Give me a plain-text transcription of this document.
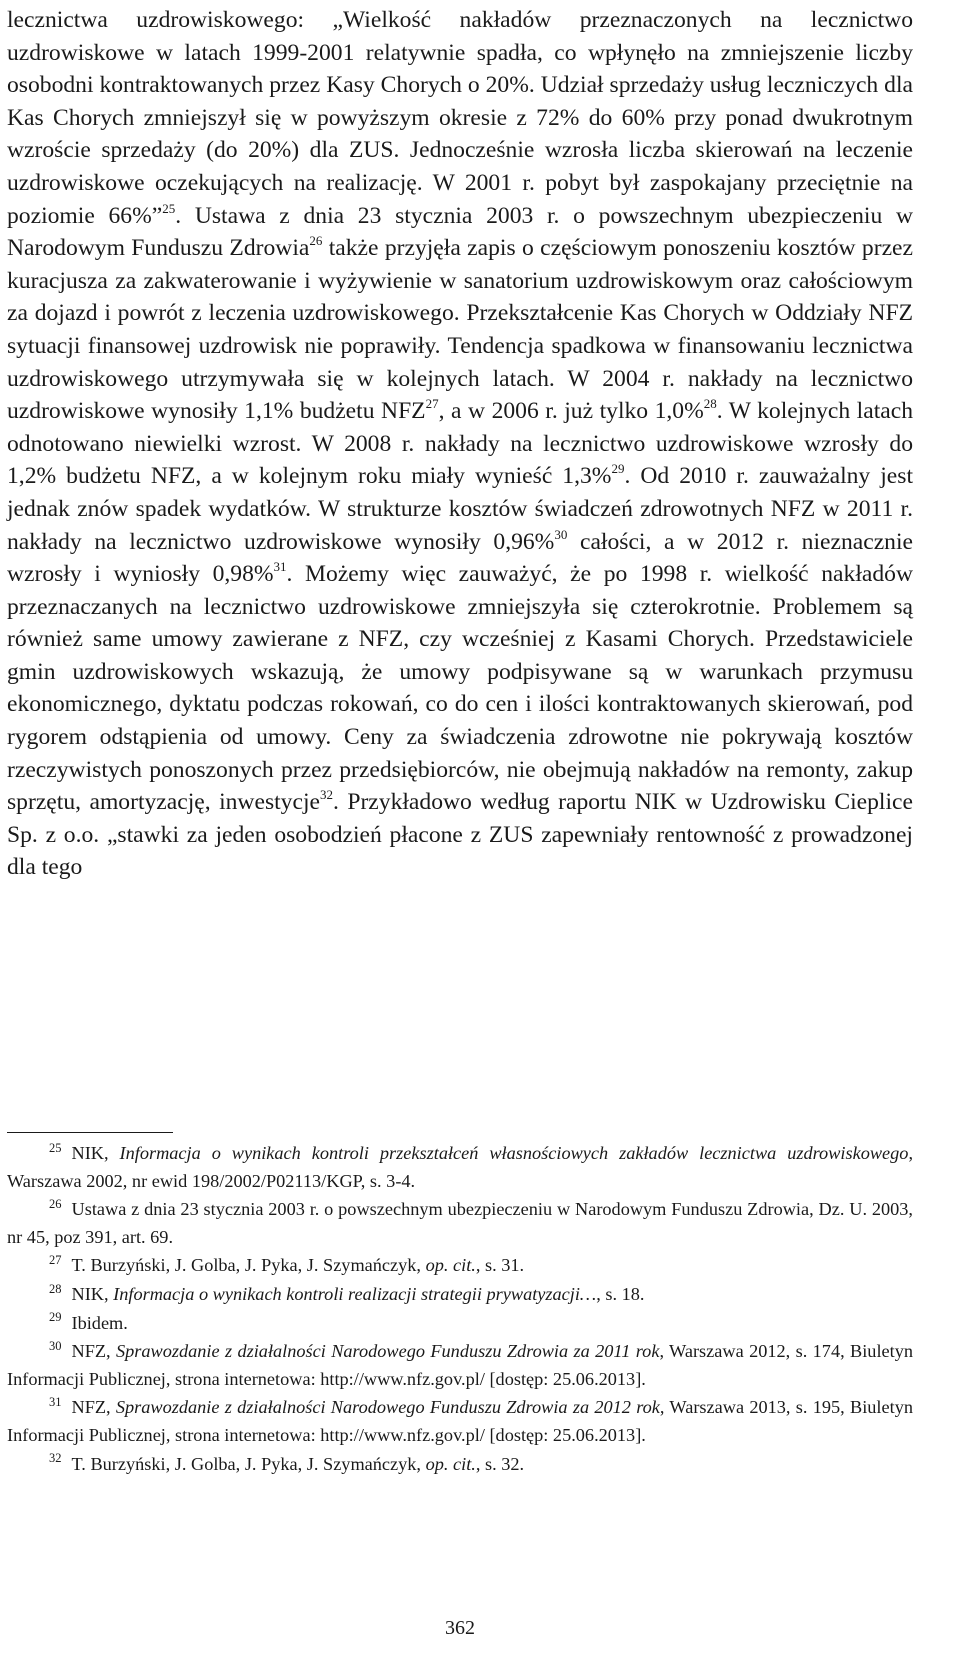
lecznictwa uzdrowiskowego: „Wielkość nakładów przeznaczonych na lecznictwo uzdrowiskowe w latach 1999-2001 relatywnie spadła, co wpłynęło na zmniejszenie liczby osobodni kontraktowanych przez Kasy Chorych o 20%. Udział sprzedaży usług leczniczych dla Kas Chorych zmniejszył się w powyższym okresie z 72% do 60% przy ponad dwukrotnym wzroście sprzedaży (do 20%) dla ZUS. Jednocześnie wzrosła liczba skierowań na leczenie uzdrowiskowe oczekujących na realizację. W 2001 r. pobyt był zaspokajany przeciętnie na poziomie 66%”$^{25}$. Ustawa z dnia 23 stycznia 2003 r. o powszechnym ubezpieczeniu w Narodowym Funduszu Zdrowia$^{26}$ także przyjęła zapis o częściowym ponoszeniu kosztów przez kuracjusza za zakwaterowanie i wyżywienie w sanatorium uzdrowiskowym oraz całościowym za dojazd i powrót z leczenia uzdrowiskowego. Przekształcenie Kas Chorych w Oddziały NFZ sytuacji finansowej uzdrowisk nie poprawiły. Tendencja spadkowa w finansowaniu lecznictwa uzdrowiskowego utrzymywała się w kolejnych latach. W 2004 r. nakłady na lecznictwo uzdrowiskowe wynosiły 1,1% budżetu NFZ$^{27}$, a w 2006 r. już tylko 1,0%$^{28}$. W kolejnych latach odnotowano niewielki wzrost. W 2008 r. nakłady na lecznictwo uzdrowiskowe wzrosły do 1,2% budżetu NFZ, a w kolejnym roku miały wynieść 1,3%$^{29}$. Od 2010 r. zauważalny jest jednak znów spadek wydatków. W strukturze kosztów świadczeń zdrowotnych NFZ w 2011 r. nakłady na lecznictwo uzdrowiskowe wynosiły 0,96%$^{30}$ całości, a w 2012 r. nieznacznie wzrosły i wyniosły 0,98%$^{31}$. Możemy więc zauważyć, że po 1998 r. wielkość nakładów przeznaczanych na lecznictwo uzdrowiskowe zmniejszyła się czterokrotnie. Problemem są również same umowy zawierane z NFZ, czy wcześniej z Kasami Chorych. Przedstawiciele gmin uzdrowiskowych wskazują, że umowy podpisywane są w warunkach przymusu ekonomicznego, dyktatu podczas rokowań, co do cen i ilości kontraktowanych skierowań, pod rygorem odstąpienia od umowy. Ceny za świadczenia zdrowotne nie pokrywają kosztów rzeczywistych ponoszonych przez przedsiębiorców, nie obejmują nakładów na remonty, zakup sprzętu, amortyzację, inwestycje$^{32}$. Przykładowo według raportu NIK w Uzdrowisku Cieplice Sp. z o.o. „stawki za jeden osobodzień płacone z ZUS zapewniały rentowność z prowadzonej dla tego

$^{25}$ NIK, Informacja o wynikach kontroli przekształceń własnościowych zakładów lecznictwa uzdrowiskowego, Warszawa 2002, nr ewid 198/2002/P02113/KGP, s. 3-4.

$^{26}$ Ustawa z dnia 23 stycznia 2003 r. o powszechnym ubezpieczeniu w Narodowym Funduszu Zdrowia, Dz. U. 2003, nr 45, poz 391, art. 69.

$^{27}$ T. Burzyński, J. Golba, J. Pyka, J. Szymańczyk, op. cit., s. 31.

$^{28}$ NIK, Informacja o wynikach kontroli realizacji strategii prywatyzacji…, s. 18.

$^{29}$ Ibidem.

$^{30}$ NFZ, Sprawozdanie z działalności Narodowego Funduszu Zdrowia za 2011 rok, Warszawa 2012, s. 174, Biuletyn Informacji Publicznej, strona internetowa: http://www.nfz.gov.pl/ [dostęp: 25.06.2013].

$^{31}$ NFZ, Sprawozdanie z działalności Narodowego Funduszu Zdrowia za 2012 rok, Warszawa 2013, s. 195, Biuletyn Informacji Publicznej, strona internetowa: http://www.nfz.gov.pl/ [dostęp: 25.06.2013].

$^{32}$ T. Burzyński, J. Golba, J. Pyka, J. Szymańczyk, op. cit., s. 32.

362
